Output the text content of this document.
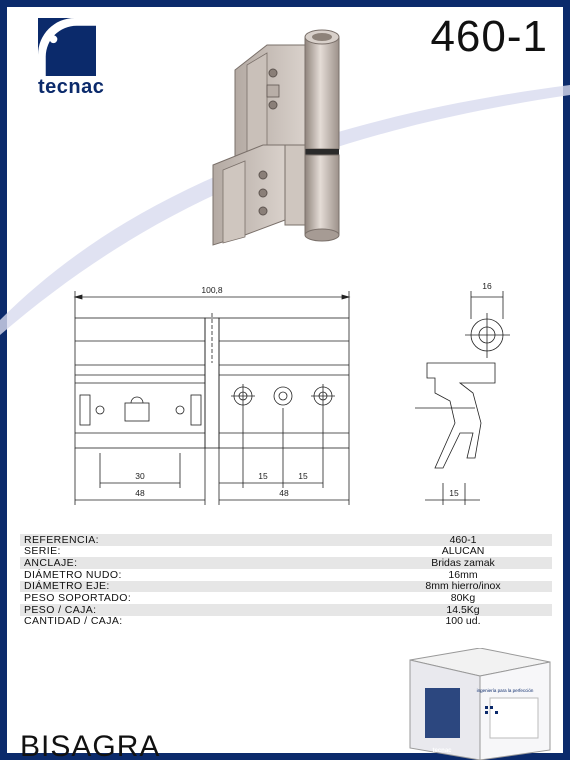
tecnac
460-1
100,8	16
30
48
15	15
48	15
REFERENCIA:	460-1
SERIE:	ALUCAN
ANCLAJE:	Bridas zamak
DIÁMETRO NUDO:	16mm
DIÁMETRO EJE:	8mm hierro/inox
PESO SOPORTADO:	80Kg
PESO / CAJA:	14.5Kg
CANTIDAD / CAJA:	100 ud.
ingeniería para la perfección
tecnac
BISAGRA
